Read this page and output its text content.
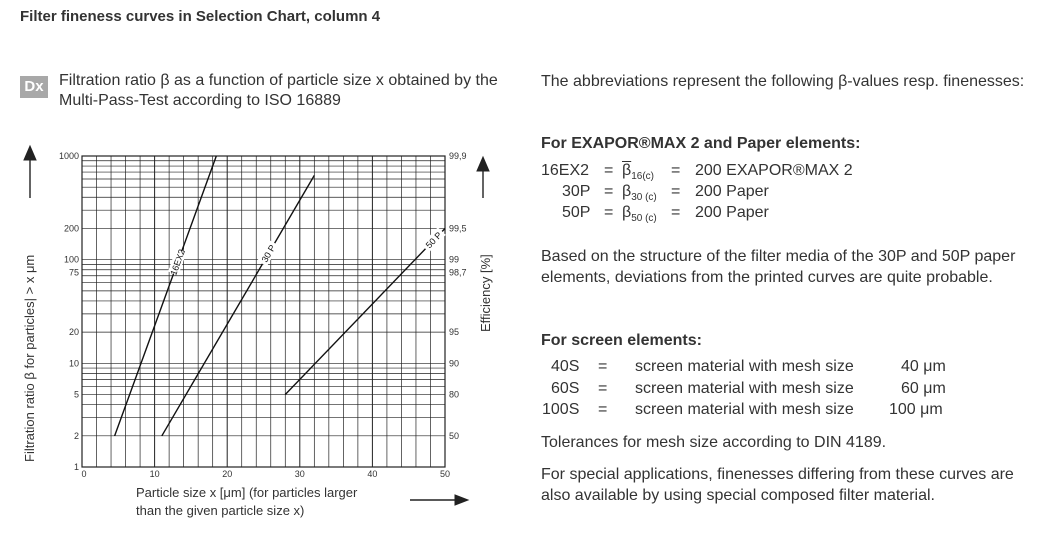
Filter fineness curves in Selection Chart, column 4
Dx Filtration ratio β as a function of particle size x obtained by the Multi-Pass-Test according to ISO 16889
1
2
5
10
20
75
100
200
1000
50
80
90
95
98,7
99
99,5
99,9
0	10	20	30	40	50
16EX2	30 P
50 P
Filtration ratio β for particles| > x μm	Efficiency [%]
Particle size x [μm] (for particles larger
than the given particle size x)
The abbreviations represent the following β-values resp. finenesses:
For EXAPOR®MAX 2 and Paper elements:
$16EX2 = \overline{\beta}_{16(c)} = 200$ EXAPOR®MAX 2
$30P = \beta_{30 (c)} = 200$ Paper
$50P = \beta_{50 (c)} = 200$ Paper
Based on the structure of the filter media of the 30P and 50P paper elements, deviations from the printed curves are quite probable.
For screen elements:
40S = screen material with mesh size	40 μm
60S = screen material with mesh size	60 μm
100S = screen material with mesh size 100 μm
Tolerances for mesh size according to DIN 4189.
For special applications, finenesses differing from these curves are also available by using special composed filter material.
